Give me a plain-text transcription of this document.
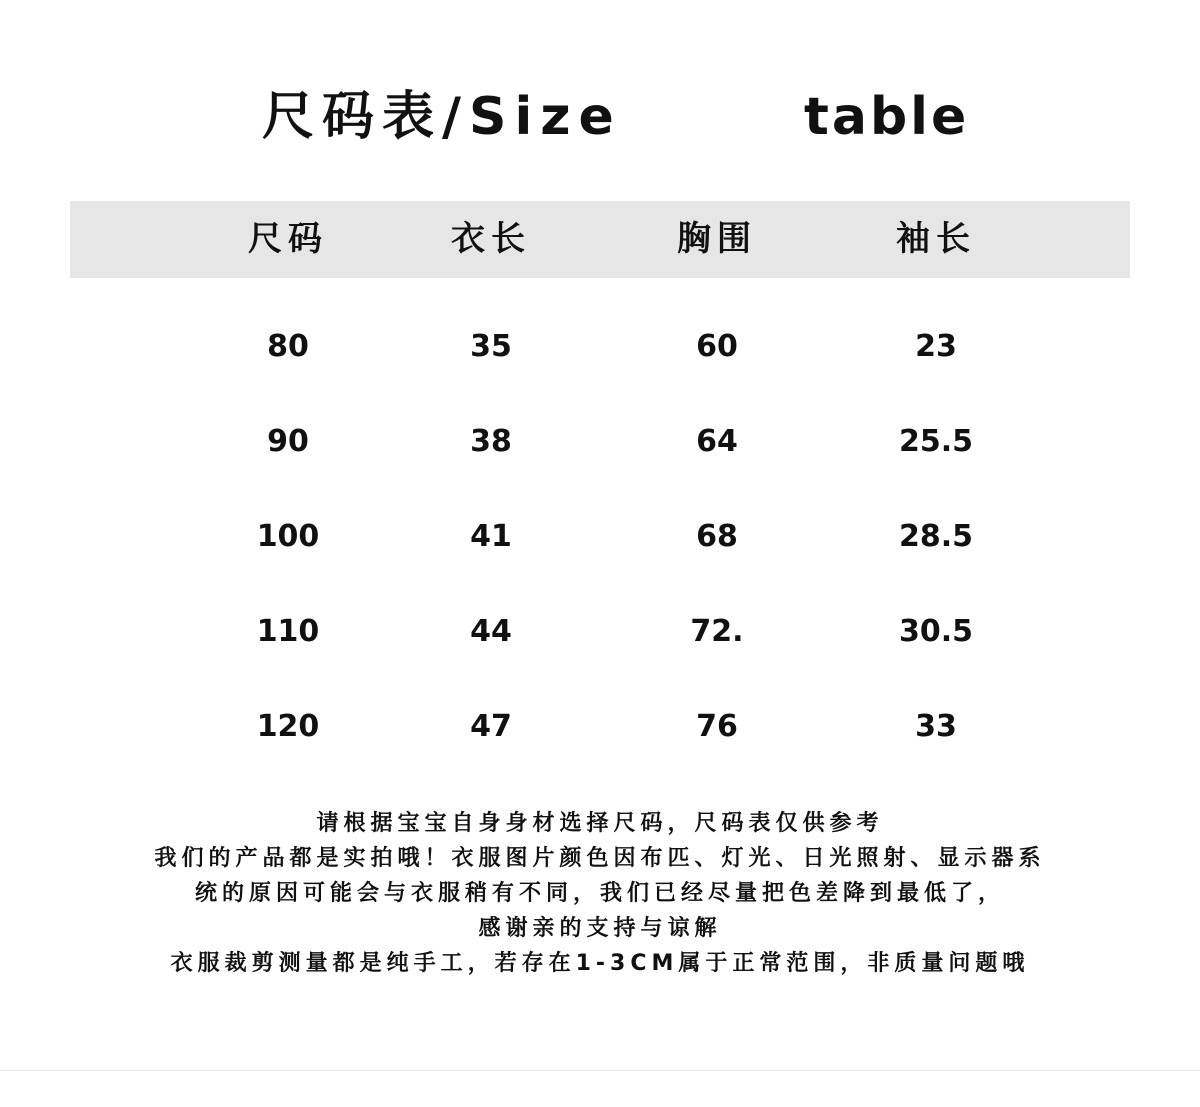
尺码表/Size	table
尺码	衣长	胸围	袖长
80	35	60	23
90	38	64	25.5
100	41	68	28.5
110	44	72.	30.5
120	47	76	33
请根据宝宝自身身材选择尺码，尺码表仅供参考
我们的产品都是实拍哦！衣服图片颜色因布匹、灯光、日光照射、显示器系
统的原因可能会与衣服稍有不同，我们已经尽量把色差降到最低了，
感谢亲的支持与谅解
衣服裁剪测量都是纯手工，若存在1-3CM属于正常范围，非质量问题哦
